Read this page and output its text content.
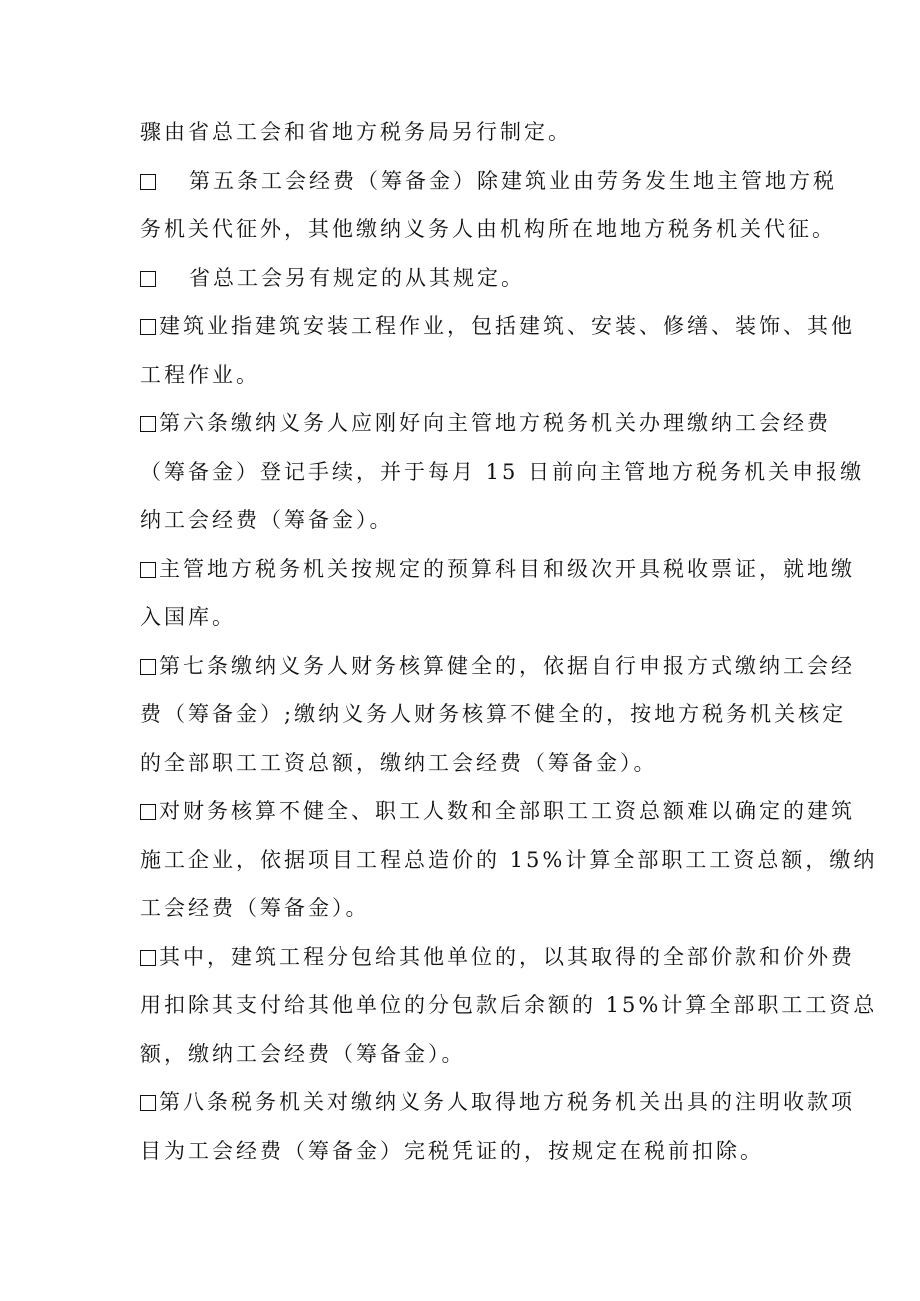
骤由省总工会和省地方税务局另行制定。
第五条工会经费（筹备金）除建筑业由劳务发生地主管地方税
务机关代征外，其他缴纳义务人由机构所在地地方税务机关代征。
省总工会另有规定的从其规定。
建筑业指建筑安装工程作业，包括建筑、安装、修缮、装饰、其他
工程作业。
第六条缴纳义务人应刚好向主管地方税务机关办理缴纳工会经费
（筹备金）登记手续，并于每月 15 日前向主管地方税务机关申报缴
纳工会经费（筹备金）。
主管地方税务机关按规定的预算科目和级次开具税收票证，就地缴
入国库。
第七条缴纳义务人财务核算健全的，依据自行申报方式缴纳工会经
费（筹备金）;缴纳义务人财务核算不健全的，按地方税务机关核定
的全部职工工资总额，缴纳工会经费（筹备金）。
对财务核算不健全、职工人数和全部职工工资总额难以确定的建筑
施工企业，依据项目工程总造价的 15%计算全部职工工资总额，缴纳
工会经费（筹备金）。
其中，建筑工程分包给其他单位的，以其取得的全部价款和价外费
用扣除其支付给其他单位的分包款后余额的 15%计算全部职工工资总
额，缴纳工会经费（筹备金）。
第八条税务机关对缴纳义务人取得地方税务机关出具的注明收款项
目为工会经费（筹备金）完税凭证的，按规定在税前扣除。
